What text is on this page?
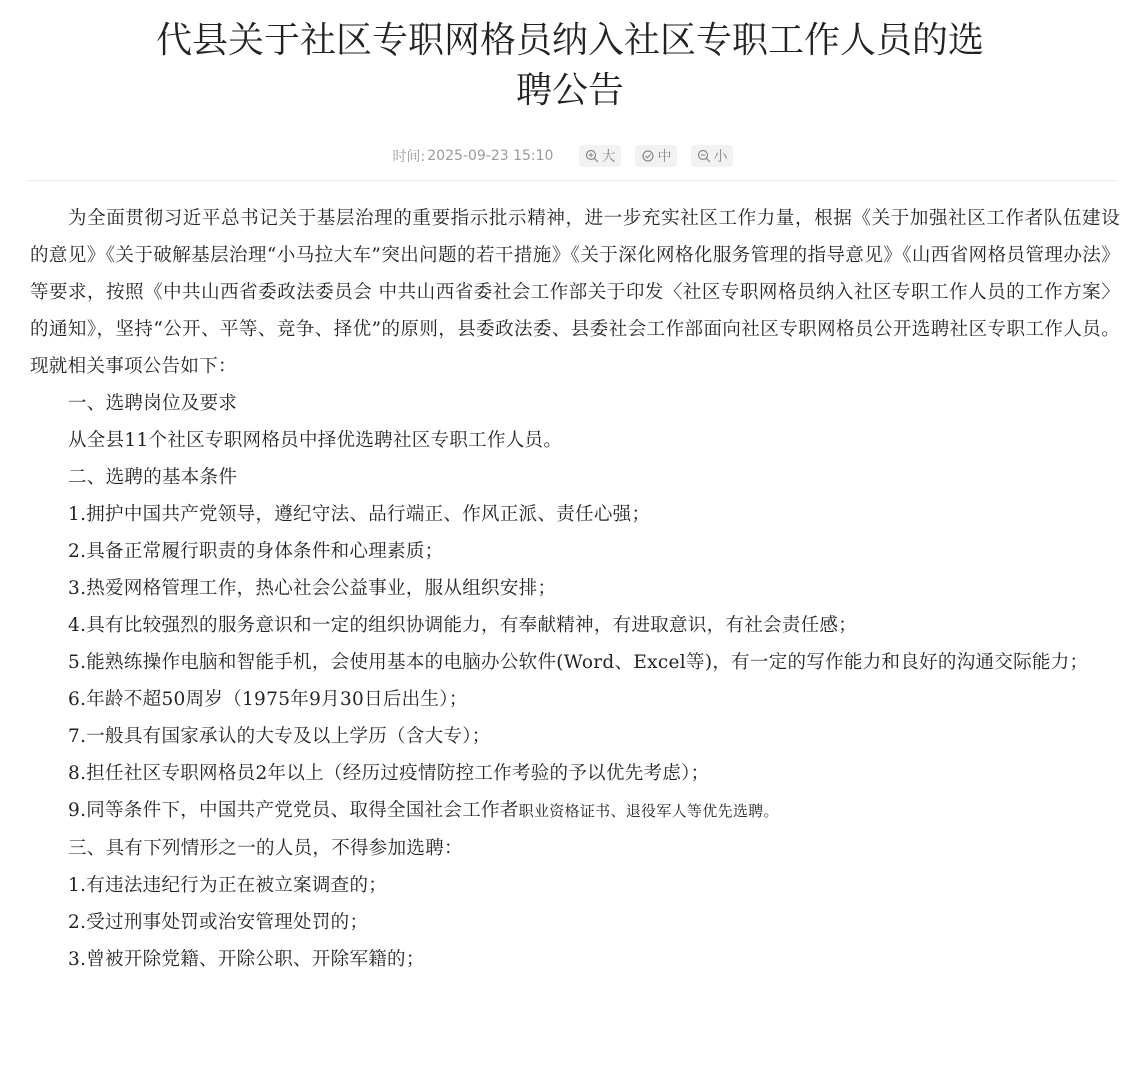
代县关于社区专职网格员纳入社区专职工作人员的选
聘公告
时间: 2025-09-23 15:10	大	中	小

为全面贯彻习近平总书记关于基层治理的重要指示批示精神，进一步充实社区工作力量，根据《关于加强社区工作者队伍建设的意见》《关于破解基层治理“小马拉大车”突出问题的若干措施》《关于深化网格化服务管理的指导意见》《山西省网格员管理办法》等要求，按照《中共山西省委政法委员会 中共山西省委社会工作部关于印发〈社区专职网格员纳入社区专职工作人员的工作方案〉的通知》，坚持“公开、平等、竞争、择优”的原则，县委政法委、县委社会工作部面向社区专职网格员公开选聘社区专职工作人员。现就相关事项公告如下：

一、选聘岗位及要求

从全县11个社区专职网格员中择优选聘社区专职工作人员。

二、选聘的基本条件

1.拥护中国共产党领导，遵纪守法、品行端正、作风正派、责任心强；

2.具备正常履行职责的身体条件和心理素质；

3.热爱网格管理工作，热心社会公益事业，服从组织安排；

4.具有比较强烈的服务意识和一定的组织协调能力，有奉献精神，有进取意识，有社会责任感；

5.能熟练操作电脑和智能手机，会使用基本的电脑办公软件(Word、Excel等)，有一定的写作能力和良好的沟通交际能力；

6.年龄不超50周岁（1975年9月30日后出生）；

7.一般具有国家承认的大专及以上学历（含大专）；

8.担任社区专职网格员2年以上（经历过疫情防控工作考验的予以优先考虑）；

9.同等条件下，中国共产党党员、取得全国社会工作者职业资格证书、退役军人等优先选聘。

三、具有下列情形之一的人员，不得参加选聘：

1.有违法违纪行为正在被立案调查的；

2.受过刑事处罚或治安管理处罚的；

3.曾被开除党籍、开除公职、开除军籍的；
